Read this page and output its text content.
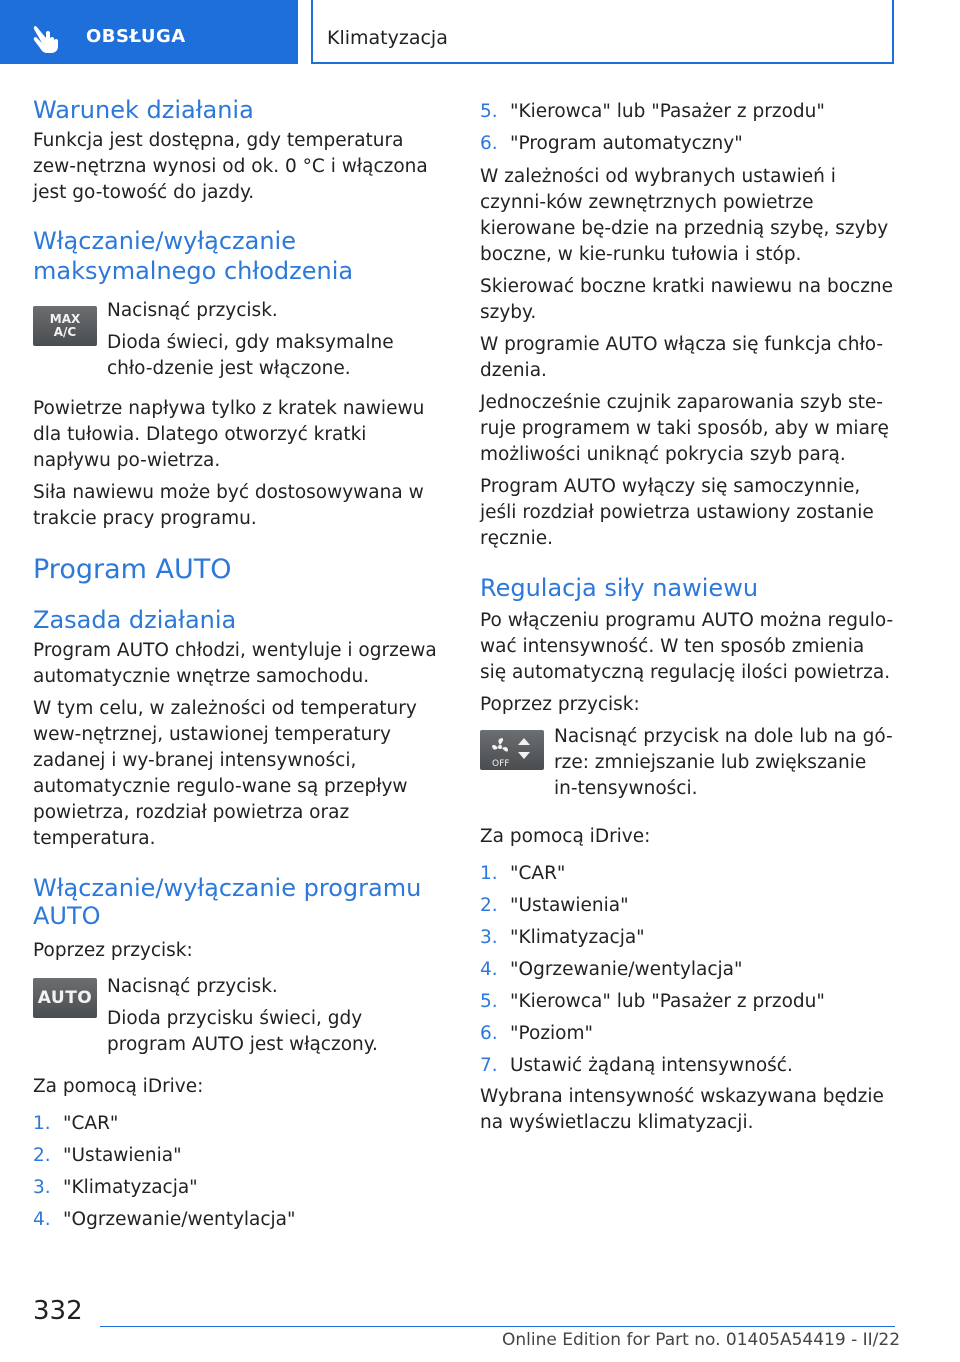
OBSŁUGA	Klimatyzacja
Warunek działania

Funkcja jest dostępna, gdy temperatura zew-nętrzna wynosi od ok. 0 °C i włączona jest go-towość do jazdy.

Włączanie/wyłączanie maksymalnego chłodzenia
MAX
A/C

Nacisnąć przycisk.

Dioda świeci, gdy maksymalne chło-dzenie jest włączone.

Powietrze napływa tylko z kratek nawiewu dla tułowia. Dlatego otworzyć kratki napływu po-wietrza.

Siła nawiewu może być dostosowywana w trakcie pracy programu.

Program AUTO
Zasada działania

Program AUTO chłodzi, wentyluje i ogrzewa automatycznie wnętrze samochodu.

W tym celu, w zależności od temperatury wew-nętrznej, ustawionej temperatury zadanej i wy-branej intensywności, automatycznie regulo-wane są przepływ powietrza, rozdział powietrza oraz temperatura.

Włączanie/wyłączanie programu AUTO

Poprzez przycisk:

AUTO

Nacisnąć przycisk.

Dioda przycisku świeci, gdy program AUTO jest włączony.

Za pomocą iDrive:

1. "CAR"
2. "Ustawienia"
3. "Klimatyzacja"
4. "Ogrzewanie/wentylacja"
5. "Kierowca" lub "Pasażer z przodu"
6. "Program automatyczny"

W zależności od wybranych ustawień i czynni-ków zewnętrznych powietrze kierowane bę-dzie na przednią szybę, szyby boczne, w kie-runku tułowia i stóp.

Skierować boczne kratki nawiewu na boczne szyby.

W programie AUTO włącza się funkcja chło-dzenia.

Jednocześnie czujnik zaparowania szyb ste-ruje programem w taki sposób, aby w miarę możliwości uniknąć pokrycia szyb parą.

Program AUTO wyłączy się samoczynnie, jeśli rozdział powietrza ustawiony zostanie ręcznie.

Regulacja siły nawiewu

Po włączeniu programu AUTO można regulo-wać intensywność. W ten sposób zmienia się automatyczną regulację ilości powietrza.

Poprzez przycisk:

OFF

Nacisnąć przycisk na dole lub na gó-rze: zmniejszanie lub zwiększanie in-tensywności.

Za pomocą iDrive:

1. "CAR"
2. "Ustawienia"
3. "Klimatyzacja"
4. "Ogrzewanie/wentylacja"
5. "Kierowca" lub "Pasażer z przodu"
6. "Poziom"
7. Ustawić żądaną intensywność.

Wybrana intensywność wskazywana będzie na wyświetlaczu klimatyzacji.

332
Online Edition for Part no. 01405A54419 - II/22
